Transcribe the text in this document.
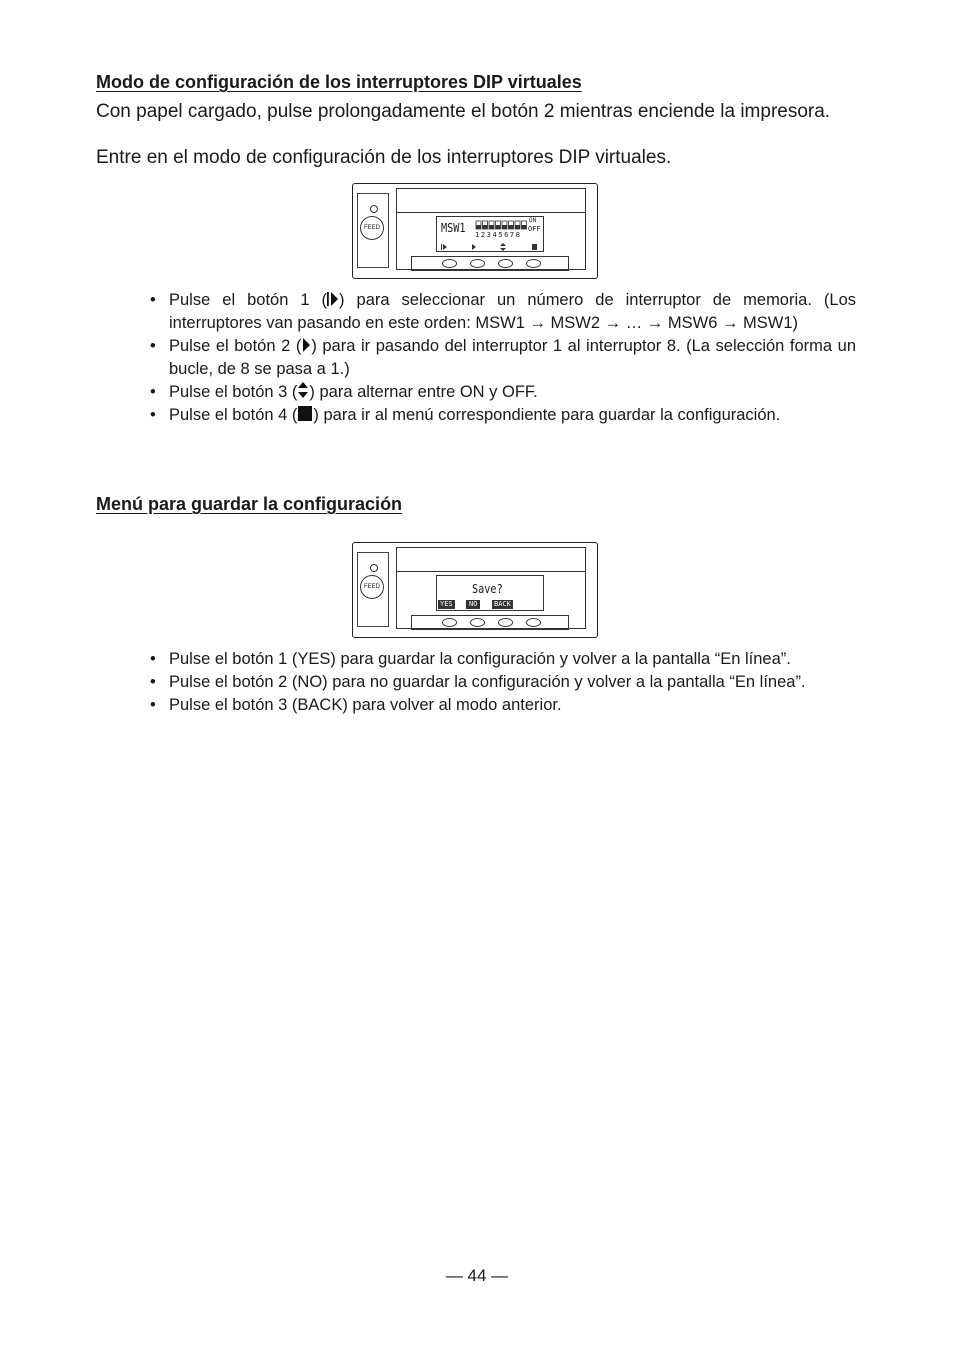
Modo de configuración de los interruptores DIP virtuales

Con papel cargado, pulse prolongadamente el botón 2 mientras enciende la impresora.

Entre en el modo de configuración de los interruptores DIP virtuales.

FEED	MSW1
ON
OFF
12345678
• Pulse el botón 1 ( ) para seleccionar un número de interruptor de memoria. (Los interruptores van pasando en este orden: MSW1 → MSW2 → … → MSW6 → MSW1)
• Pulse el botón 2 ( ) para ir pasando del interruptor 1 al interruptor 8. (La selección forma un bucle, de 8 se pasa a 1.)
• Pulse el botón 3 ( ) para alternar entre ON y OFF.
• Pulse el botón 4 ( ) para ir al menú correspondiente para guardar la configuración.
Menú para guardar la configuración
FEED	Save?
YES	NO	BACK
• Pulse el botón 1 (YES) para guardar la configuración y volver a la pantalla “En línea”.
• Pulse el botón 2 (NO) para no guardar la configuración y volver a la pantalla “En línea”.
• Pulse el botón 3 (BACK) para volver al modo anterior.
— 44 —
